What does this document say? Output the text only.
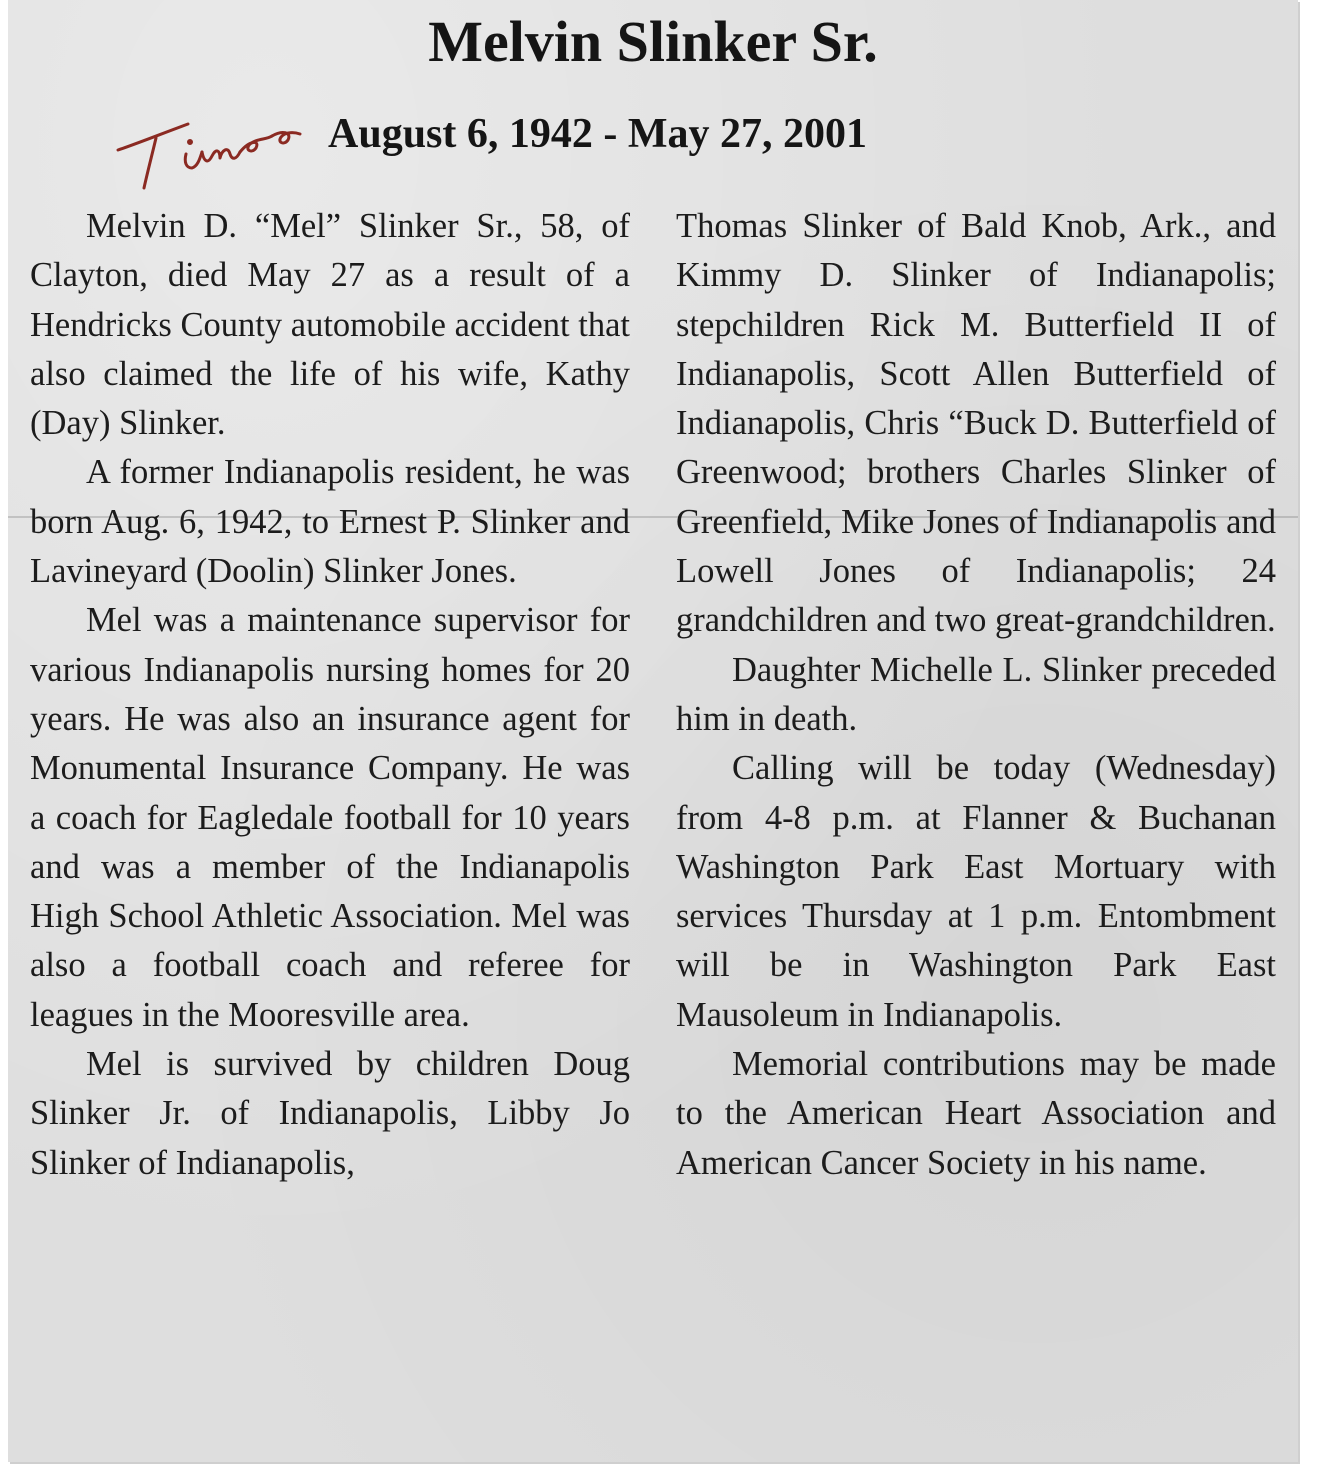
Melvin Slinker Sr.
August 6, 1942 - May 27, 2001

Melvin D. “Mel” Slinker Sr., 58, of Clayton, died May 27 as a result of a Hendricks County automobile accident that also claimed the life of his wife, Kathy (Day) Slinker.

A former Indianapolis resident, he was born Aug. 6, 1942, to Ernest P. Slinker and Lavineyard (Doolin) Slinker Jones.

Mel was a maintenance supervisor for various Indianapolis nursing homes for 20 years. He was also an insurance agent for Monumental Insurance Company. He was a coach for Eagledale football for 10 years and was a member of the Indianapolis High School Athletic Association. Mel was also a football coach and referee for leagues in the Mooresville area.

Mel is survived by children Doug Slinker Jr. of Indianapolis, Libby Jo Slinker of Indianapolis,

Thomas Slinker of Bald Knob, Ark., and Kimmy D. Slinker of Indianapolis; stepchildren Rick M. Butterfield II of Indianapolis, Scott Allen Butterfield of Indianapolis, Chris “Buck D. Butterfield of Greenwood; brothers Charles Slinker of Greenfield, Mike Jones of Indianapolis and Lowell Jones of Indianapolis; 24 grandchildren and two great-grandchildren.

Daughter Michelle L. Slinker preceded him in death.

Calling will be today (Wednesday) from 4-8 p.m. at Flanner & Buchanan Washington Park East Mortuary with services Thursday at 1 p.m. Entombment will be in Washington Park East Mausoleum in Indianapolis.

Memorial contributions may be made to the American Heart Association and American Cancer Society in his name.
